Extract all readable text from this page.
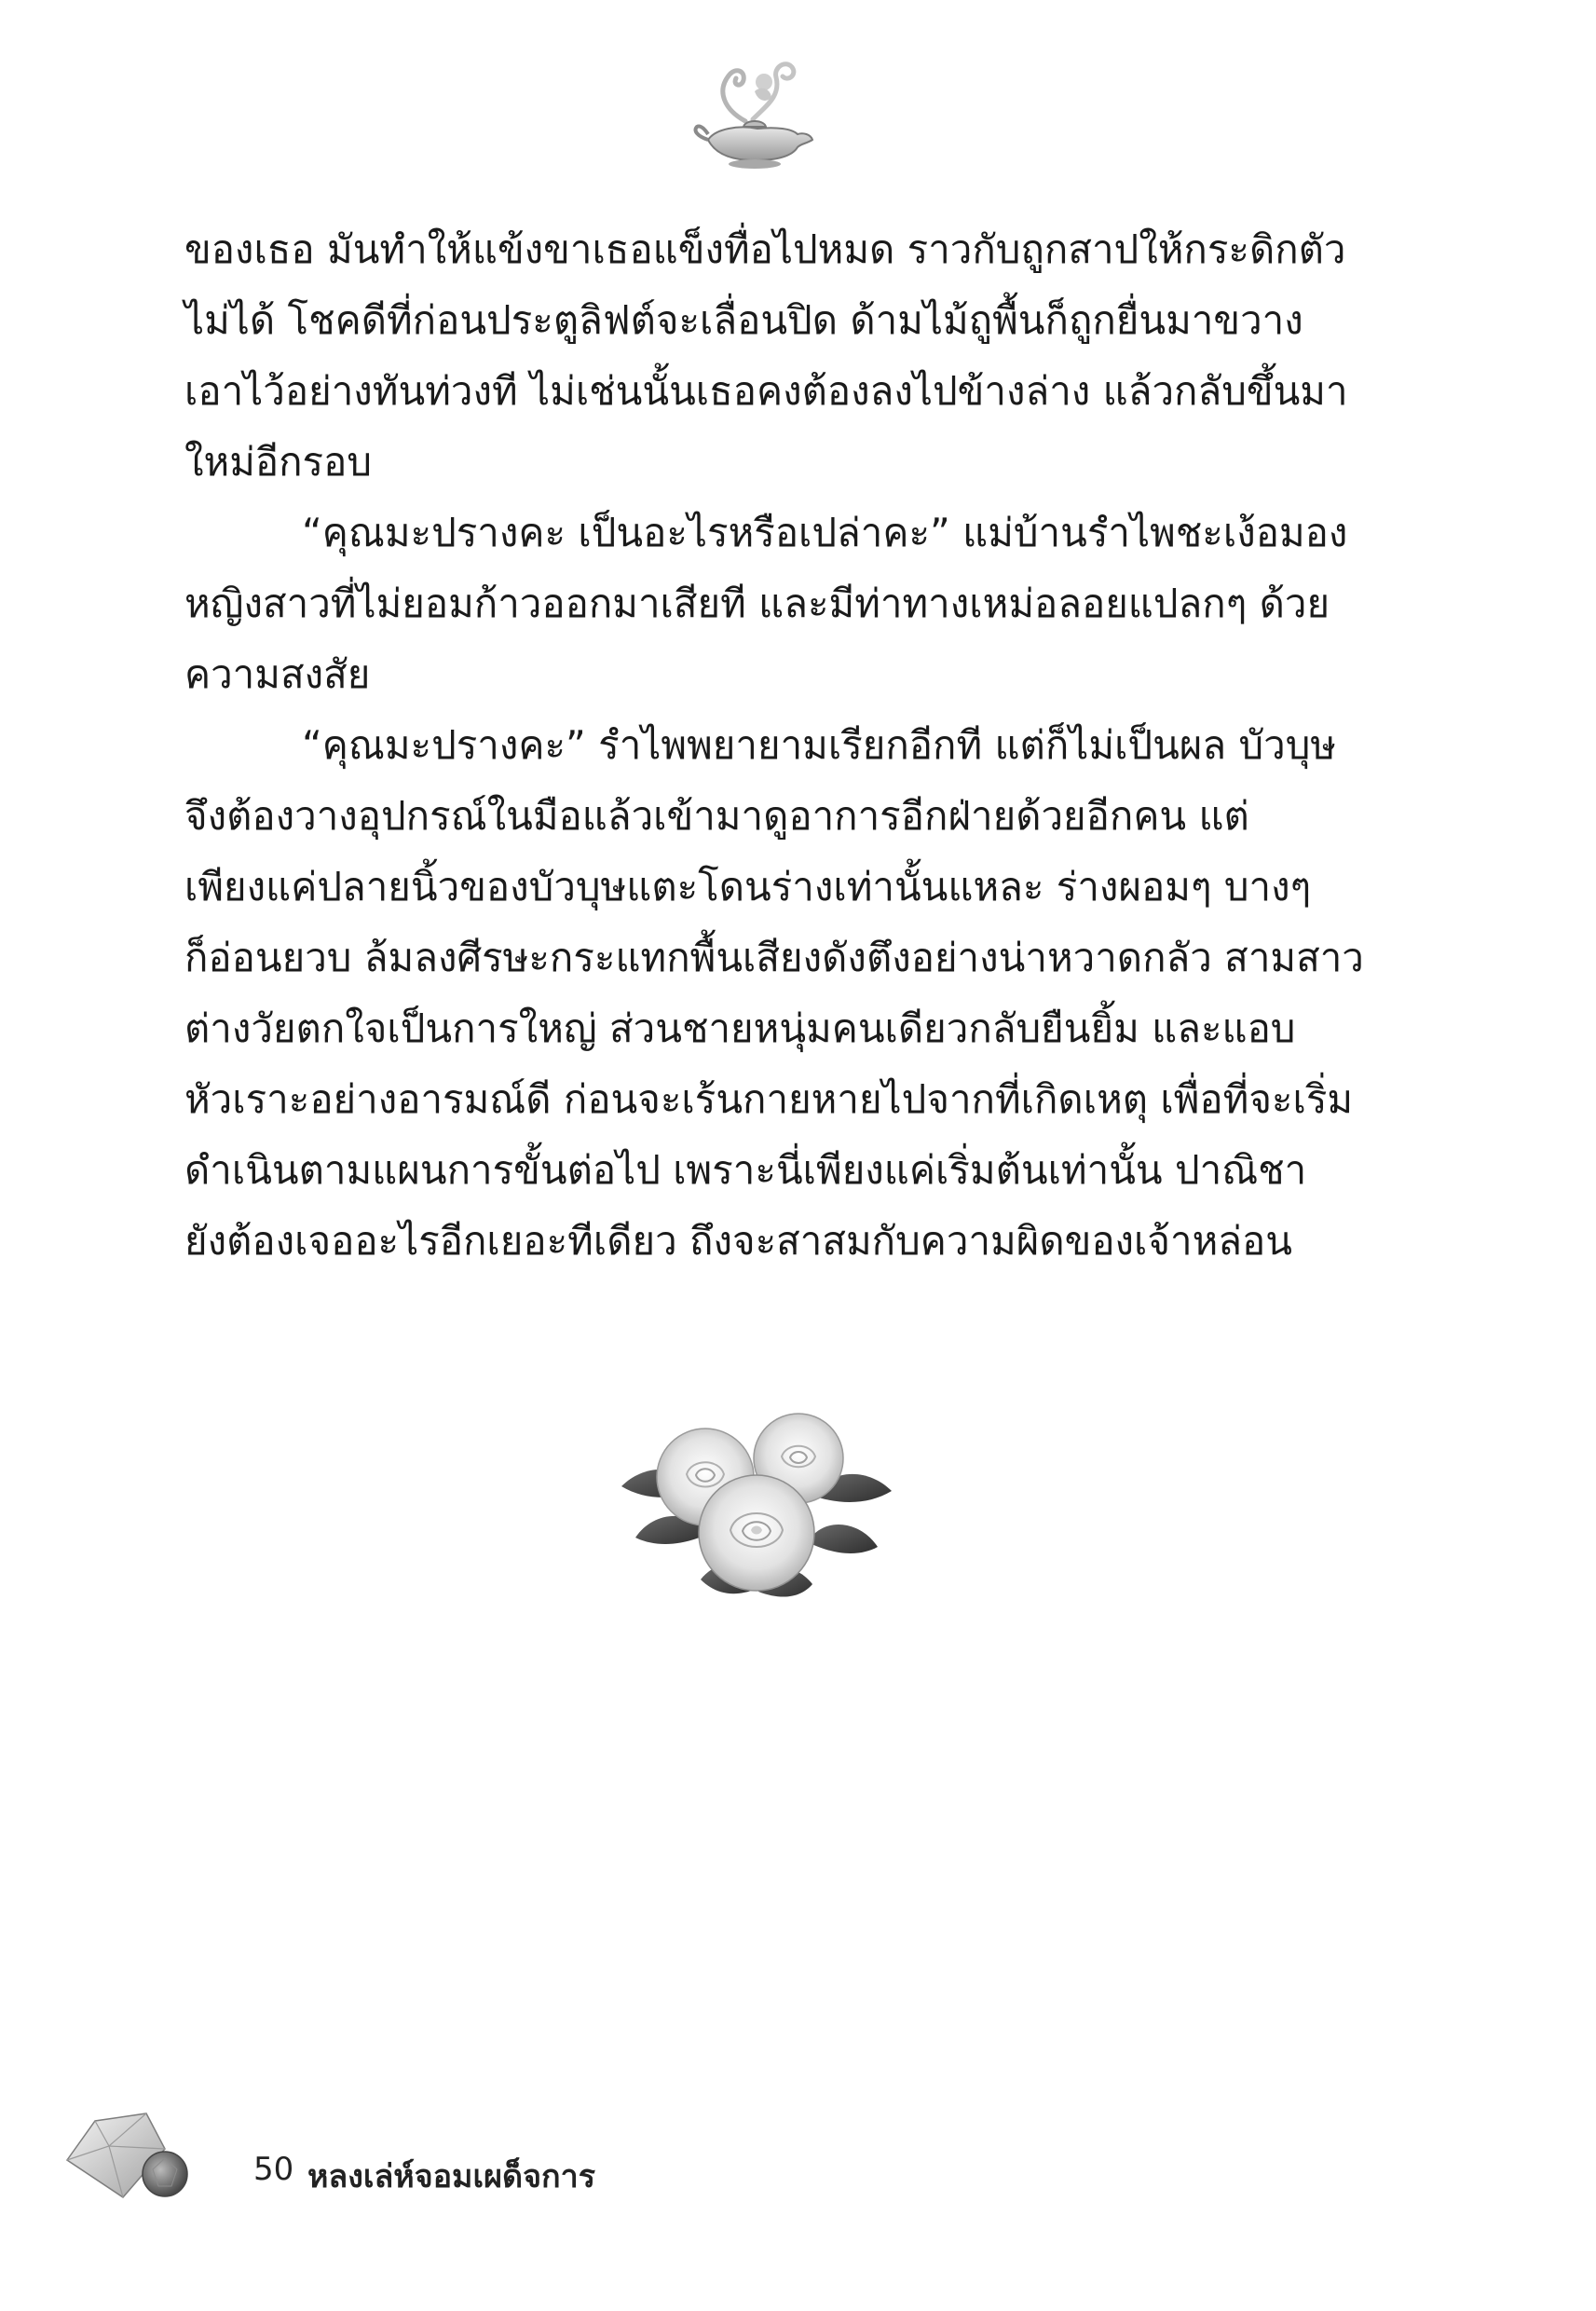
ของเธอ มันทำให้แข้งขาเธอแข็งทื่อไปหมด ราวกับถูกสาปให้กระดิกตัว
ไม่ได้ โชคดีที่ก่อนประตูลิฟต์จะเลื่อนปิด ด้ามไม้ถูพื้นก็ถูกยื่นมาขวาง
เอาไว้อย่างทันท่วงที ไม่เช่นนั้นเธอคงต้องลงไปข้างล่าง แล้วกลับขึ้นมา
ใหม่อีกรอบ

“คุณมะปรางคะ เป็นอะไรหรือเปล่าคะ” แม่บ้านรำไพชะเง้อมอง
หญิงสาวที่ไม่ยอมก้าวออกมาเสียที และมีท่าทางเหม่อลอยแปลกๆ ด้วย
ความสงสัย

“คุณมะปรางคะ” รำไพพยายามเรียกอีกที แต่ก็ไม่เป็นผล บัวบุษ
จึงต้องวางอุปกรณ์ในมือแล้วเข้ามาดูอาการอีกฝ่ายด้วยอีกคน แต่
เพียงแค่ปลายนิ้วของบัวบุษแตะโดนร่างเท่านั้นแหละ ร่างผอมๆ บางๆ
ก็อ่อนยวบ ล้มลงศีรษะกระแทกพื้นเสียงดังตึงอย่างน่าหวาดกลัว สามสาว
ต่างวัยตกใจเป็นการใหญ่ ส่วนชายหนุ่มคนเดียวกลับยืนยิ้ม และแอบ
หัวเราะอย่างอารมณ์ดี ก่อนจะเร้นกายหายไปจากที่เกิดเหตุ เพื่อที่จะเริ่ม
ดำเนินตามแผนการขั้นต่อไป เพราะนี่เพียงแค่เริ่มต้นเท่านั้น ปาณิชา
ยังต้องเจออะไรอีกเยอะทีเดียว ถึงจะสาสมกับความผิดของเจ้าหล่อน

50 หลงเล่ห์จอมเผด็จการ
